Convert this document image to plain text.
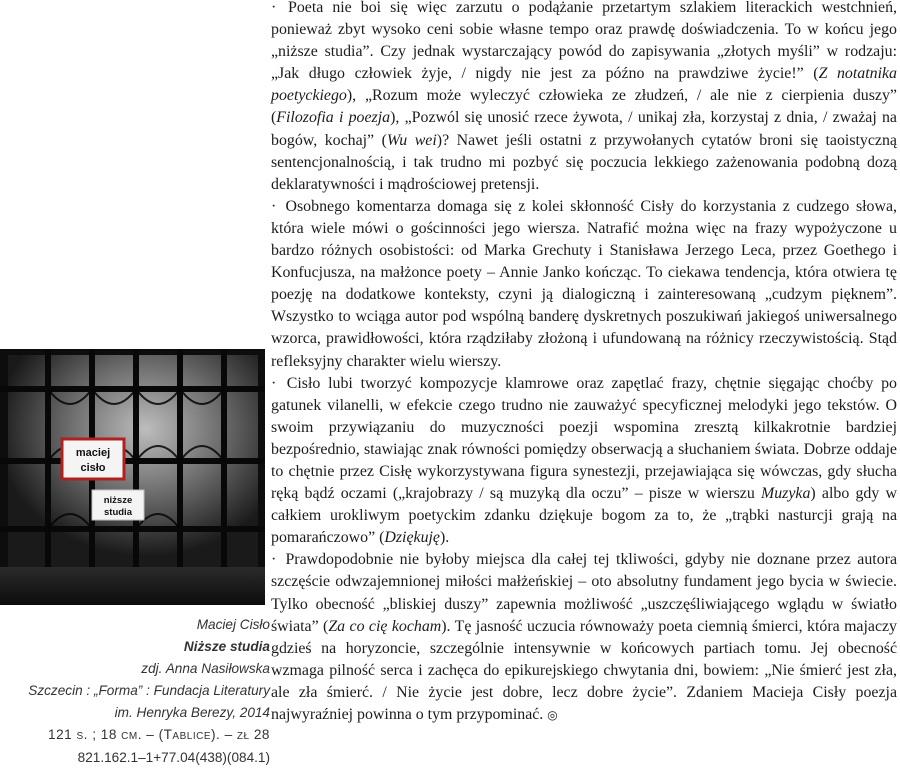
· Poeta nie boi się więc zarzutu o podążanie przetartym szlakiem literackich westchnień, ponieważ zbyt wysoko ceni sobie własne tempo oraz prawdę doświadczenia. To w końcu jego „niższe studia”. Czy jednak wystarczający powód do zapisywania „złotych myśli” w rodzaju: „Jak długo człowiek żyje, / nigdy nie jest za późno na prawdziwe życie!” (Z notatnika poetyckiego), „Rozum może wyleczyć człowieka ze złudzeń, / ale nie z cierpienia duszy” (Filozofia i poezja), „Pozwól się unosić rzece żywota, / unikaj zła, korzystaj z dnia, / zważaj na bogów, kochaj” (Wu wei)? Nawet jeśli ostatni z przywołanych cytatów broni się taoistyczną sentencjonalnością, i tak trudno mi pozbyć się poczucia lekkiego zażenowania podobną dozą deklaratywności i mądrościowej pretensji.

· Osobnego komentarza domaga się z kolei skłonność Cisły do korzystania z cudzego słowa, która wiele mówi o gościnności jego wiersza. Natrafić można więc na frazy wypożyczone u bardzo różnych osobistości: od Marka Grechuty i Stanisława Jerzego Leca, przez Goethego i Konfucjusza, na małżonce poety – Annie Janko kończąc. To ciekawa tendencja, która otwiera tę poezję na dodatkowe konteksty, czyni ją dialogiczną i zainteresowaną „cudzym pięknem”. Wszystko to wciąga autor pod wspólną banderę dyskretnych poszukiwań jakiegoś uniwersalnego wzorca, prawidłowości, która rządziłaby złożoną i ufundowaną na różnicy rzeczywistością. Stąd refleksyjny charakter wielu wierszy.

· Cisło lubi tworzyć kompozycje klamrowe oraz zapętlać frazy, chętnie sięgając choćby po gatunek vilanelli, w efekcie czego trudno nie zauważyć specyficznej melodyki jego tekstów. O swoim przywiązaniu do muzyczności poezji wspomina zresztą kilkakrotnie bardziej bezpośrednio, stawiając znak równości pomiędzy obserwacją a słuchaniem świata. Dobrze oddaje to chętnie przez Cisłę wykorzystywana figura synestezji, przejawiająca się wówczas, gdy słucha ręką bądź oczami („krajobrazy / są muzyką dla oczu” – pisze w wierszu Muzyka) albo gdy w całkiem urokliwym poetyckim zdanku dziękuje bogom za to, że „trąbki nasturcji grają na pomarańczowo” (Dziękuję).

· Prawdopodobnie nie byłoby miejsca dla całej tej tkliwości, gdyby nie doznane przez autora szczęście odwzajemnionej miłości małżeńskiej – oto absolutny fundament jego bycia w świecie. Tylko obecność „bliskiej duszy” zapewnia możliwość „uszczęśliwiającego wglądu w światło świata” (Za co cię kocham). Tę jasność uczucia równoważy poeta ciemnią śmierci, która majaczy gdzieś na horyzoncie, szczególnie intensywnie w końcowych partiach tomu. Jej obecność wzmaga pilność serca i zachęca do epikurejskiego chwytania dni, bowiem: „Nie śmierć jest zła, ale zła śmierć. / Nie życie jest dobre, lecz dobre życie”. Zdaniem Macieja Cisły poezja najwyraźniej powinna o tym przypominać. ◎

maciej
cisło
niższe
studia
Maciej Cisło
Niższe studia
zdj. Anna Nasiłowska
Szczecin : „Forma” : Fundacja Literatury
im. Henryka Berezy, 2014
121 s. ; 18 cm. – (Tablice). – zł 28
821.162.1–1+77.04(438)(084.1)
